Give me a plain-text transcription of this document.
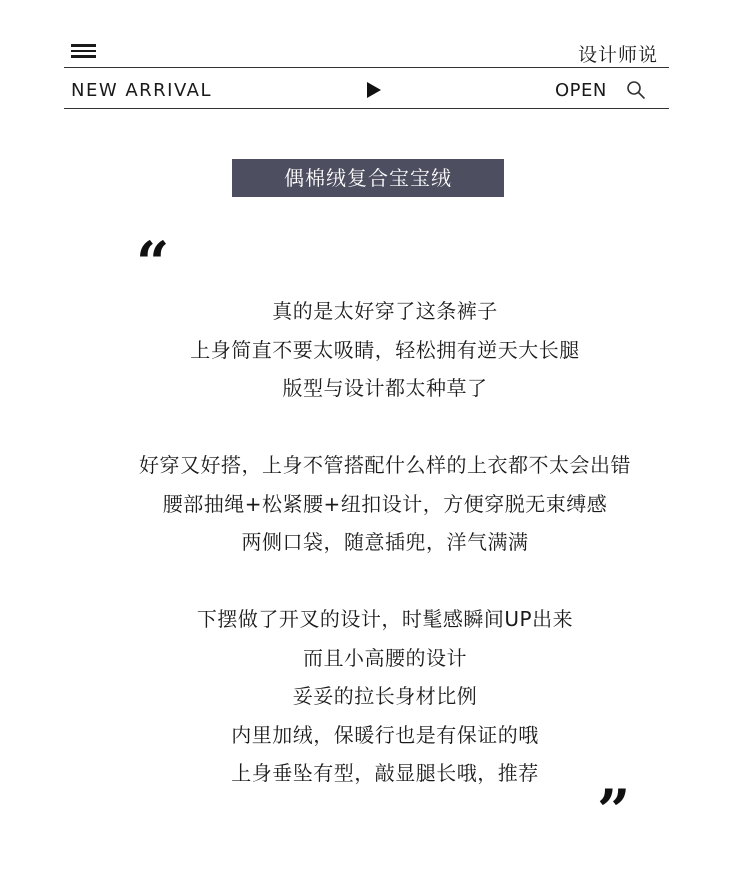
设计师说
NEW ARRIVAL	OPEN
偶棉绒复合宝宝绒
“
真的是太好穿了这条裤子
上身简直不要太吸睛，轻松拥有逆天大长腿
版型与设计都太种草了
好穿又好搭，上身不管搭配什么样的上衣都不太会出错
腰部抽绳+松紧腰+纽扣设计，方便穿脱无束缚感
两侧口袋，随意插兜，洋气满满
下摆做了开叉的设计，时髦感瞬间UP出来
而且小高腰的设计
妥妥的拉长身材比例
内里加绒，保暖行也是有保证的哦
上身垂坠有型，敲显腿长哦，推荐
”
